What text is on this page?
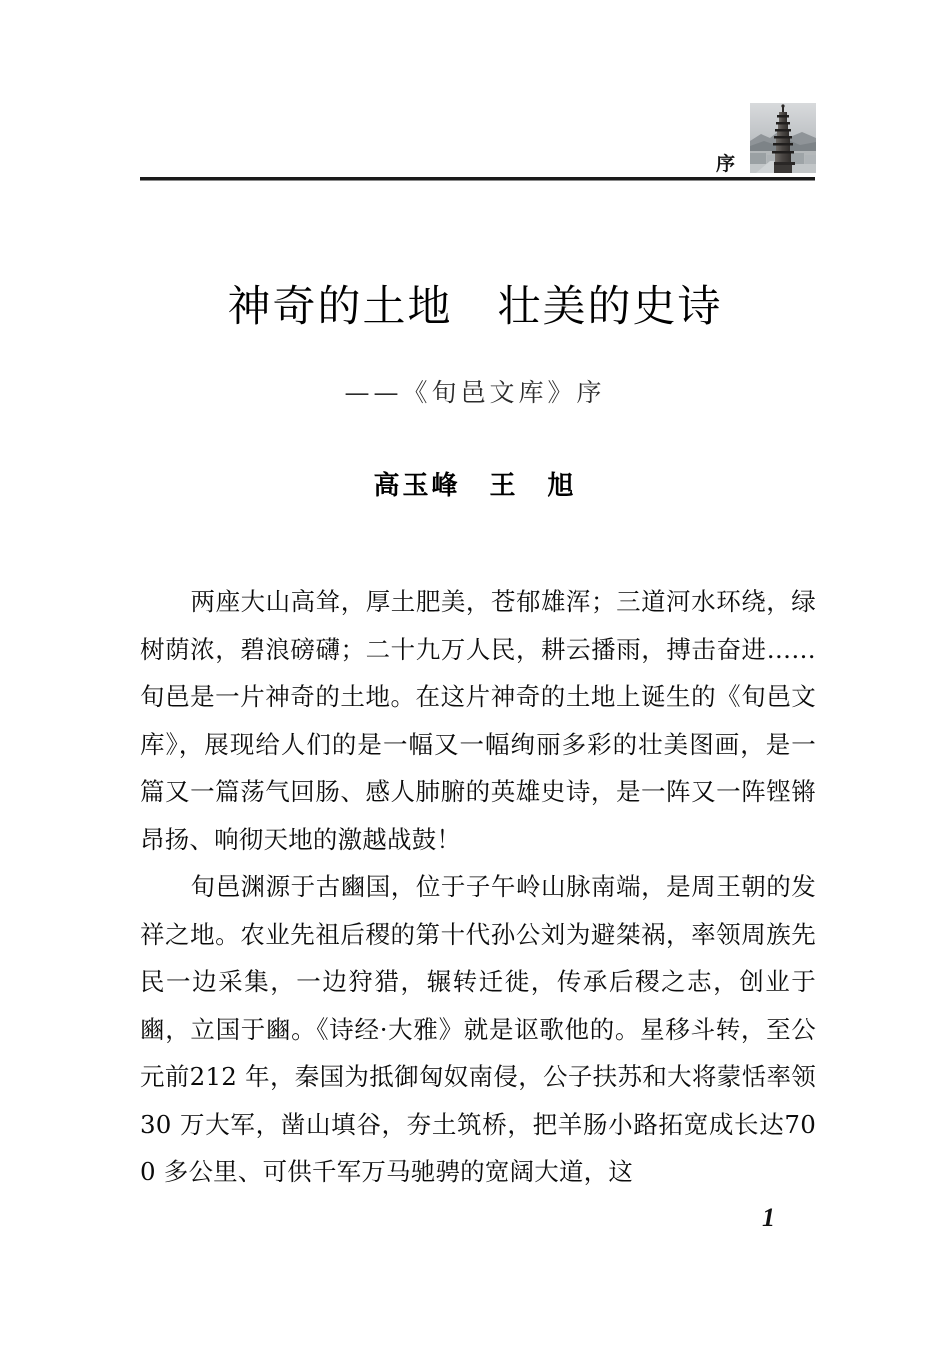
序
神奇的土地　壮美的史诗
——《旬邑文库》序
高玉峰　王　旭

两座大山高耸，厚土肥美，苍郁雄浑；三道河水环绕，绿树荫浓，碧浪磅礴；二十九万人民，耕云播雨，搏击奋进……旬邑是一片神奇的土地。在这片神奇的土地上诞生的《旬邑文库》，展现给人们的是一幅又一幅绚丽多彩的壮美图画，是一篇又一篇荡气回肠、感人肺腑的英雄史诗，是一阵又一阵铿锵昂扬、响彻天地的激越战鼓！

旬邑渊源于古豳国，位于子午岭山脉南端，是周王朝的发祥之地。农业先祖后稷的第十代孙公刘为避桀祸，率领周族先民一边采集，一边狩猎，辗转迁徙，传承后稷之志，创业于豳，立国于豳。《诗经·大雅》就是讴歌他的。星移斗转，至公元前212 年，秦国为抵御匈奴南侵，公子扶苏和大将蒙恬率领30 万大军，凿山填谷，夯土筑桥，把羊肠小路拓宽成长达700 多公里、可供千军万马驰骋的宽阔大道，这

1
